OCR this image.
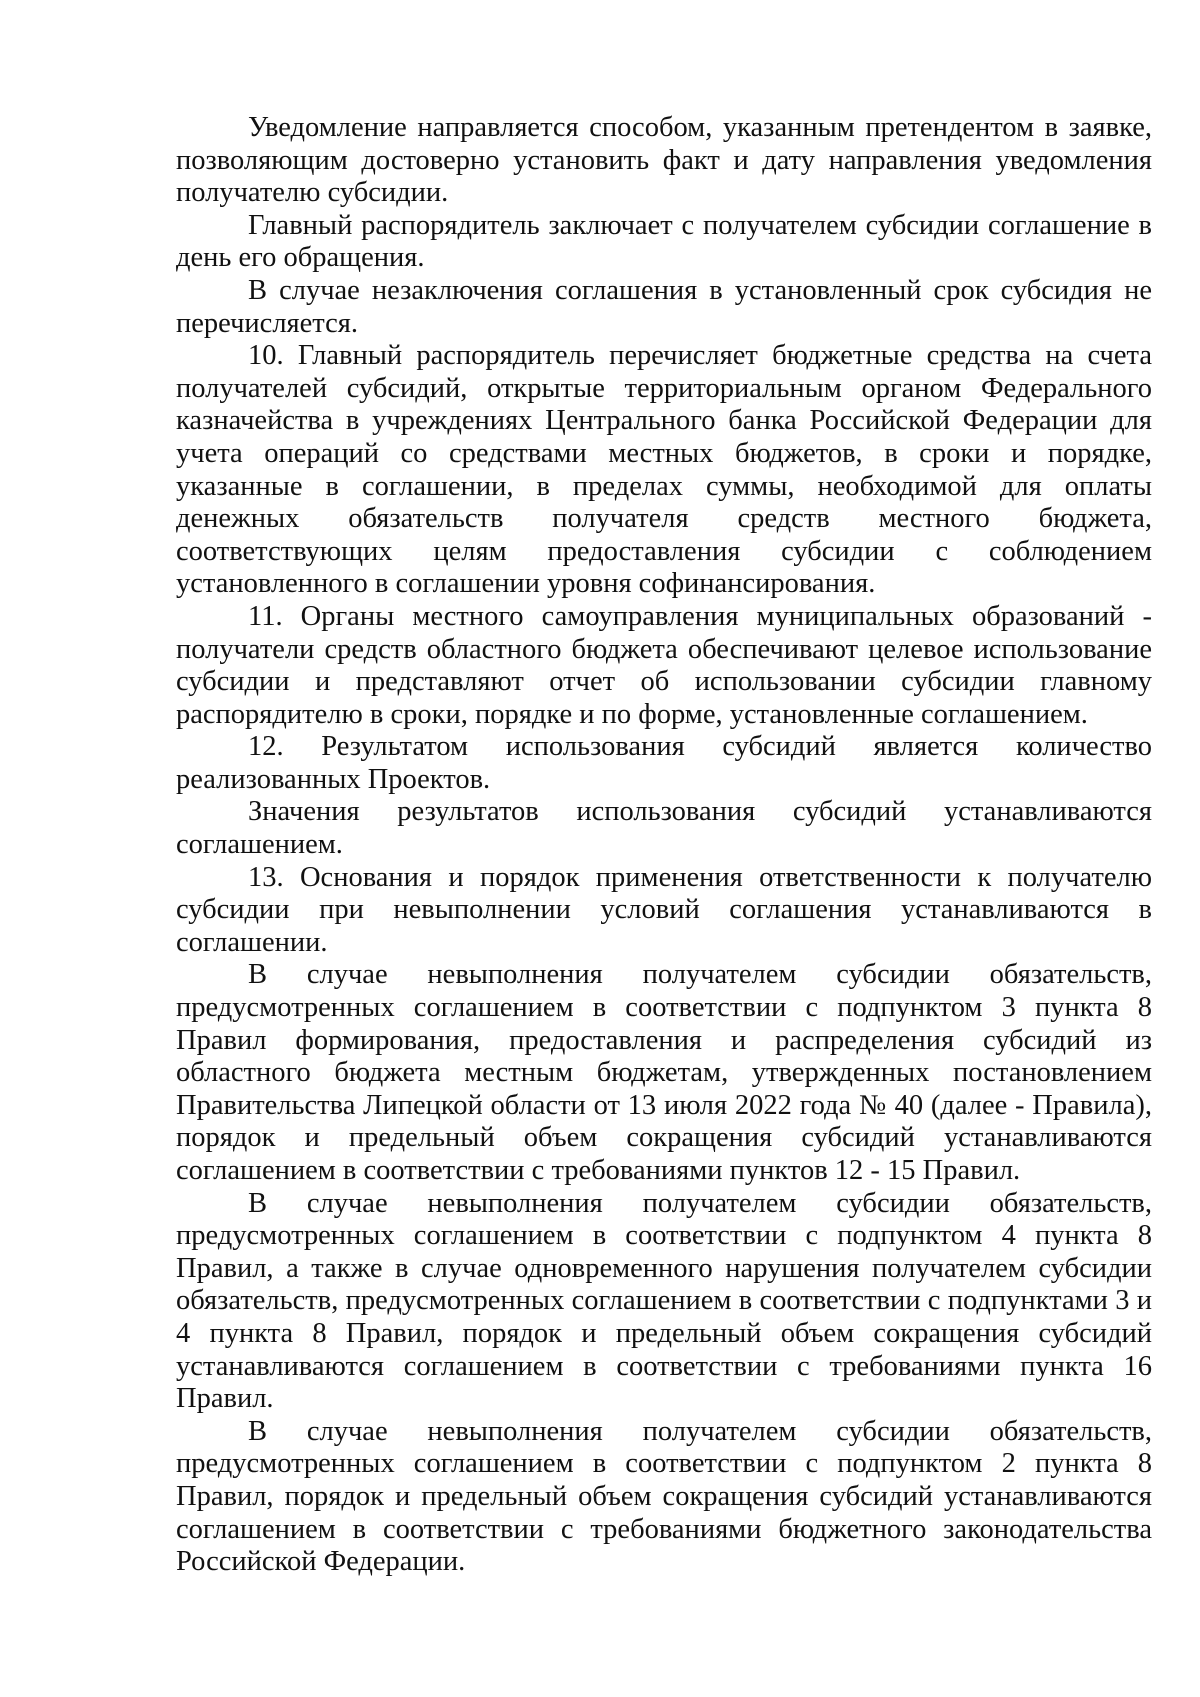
Уведомление направляется способом, указанным претендентом в заявке, позволяющим достоверно установить факт и дату направления уведомления получателю субсидии.

Главный распорядитель заключает с получателем субсидии соглашение в день его обращения.

В случае незаключения соглашения в установленный срок субсидия не перечисляется.

10. Главный распорядитель перечисляет бюджетные средства на счета получателей субсидий, открытые территориальным органом Федерального казначейства в учреждениях Центрального банка Российской Федерации для учета операций со средствами местных бюджетов, в сроки и порядке, указанные в соглашении, в пределах суммы, необходимой для оплаты денежных обязательств получателя средств местного бюджета, соответствующих целям предоставления субсидии с соблюдением установленного в соглашении уровня софинансирования.

11. Органы местного самоуправления муниципальных образований - получатели средств областного бюджета обеспечивают целевое использование субсидии и представляют отчет об использовании субсидии главному распорядителю в сроки, порядке и по форме, установленные соглашением.

12. Результатом использования субсидий является количество реализованных Проектов.

Значения результатов использования субсидий устанавливаются соглашением.

13. Основания и порядок применения ответственности к получателю субсидии при невыполнении условий соглашения устанавливаются в соглашении.

В случае невыполнения получателем субсидии обязательств, предусмотренных соглашением в соответствии с подпунктом 3 пункта 8 Правил формирования, предоставления и распределения субсидий из областного бюджета местным бюджетам, утвержденных постановлением Правительства Липецкой области от 13 июля 2022 года № 40 (далее - Правила), порядок и предельный объем сокращения субсидий устанавливаются соглашением в соответствии с требованиями пунктов 12 - 15 Правил.

В случае невыполнения получателем субсидии обязательств, предусмотренных соглашением в соответствии с подпунктом 4 пункта 8 Правил, а также в случае одновременного нарушения получателем субсидии обязательств, предусмотренных соглашением в соответствии с подпунктами 3 и 4 пункта 8 Правил, порядок и предельный объем сокращения субсидий устанавливаются соглашением в соответствии с требованиями пункта 16 Правил.

В случае невыполнения получателем субсидии обязательств, предусмотренных соглашением в соответствии с подпунктом 2 пункта 8 Правил, порядок и предельный объем сокращения субсидий устанавливаются соглашением в соответствии с требованиями бюджетного законодательства Российской Федерации.
